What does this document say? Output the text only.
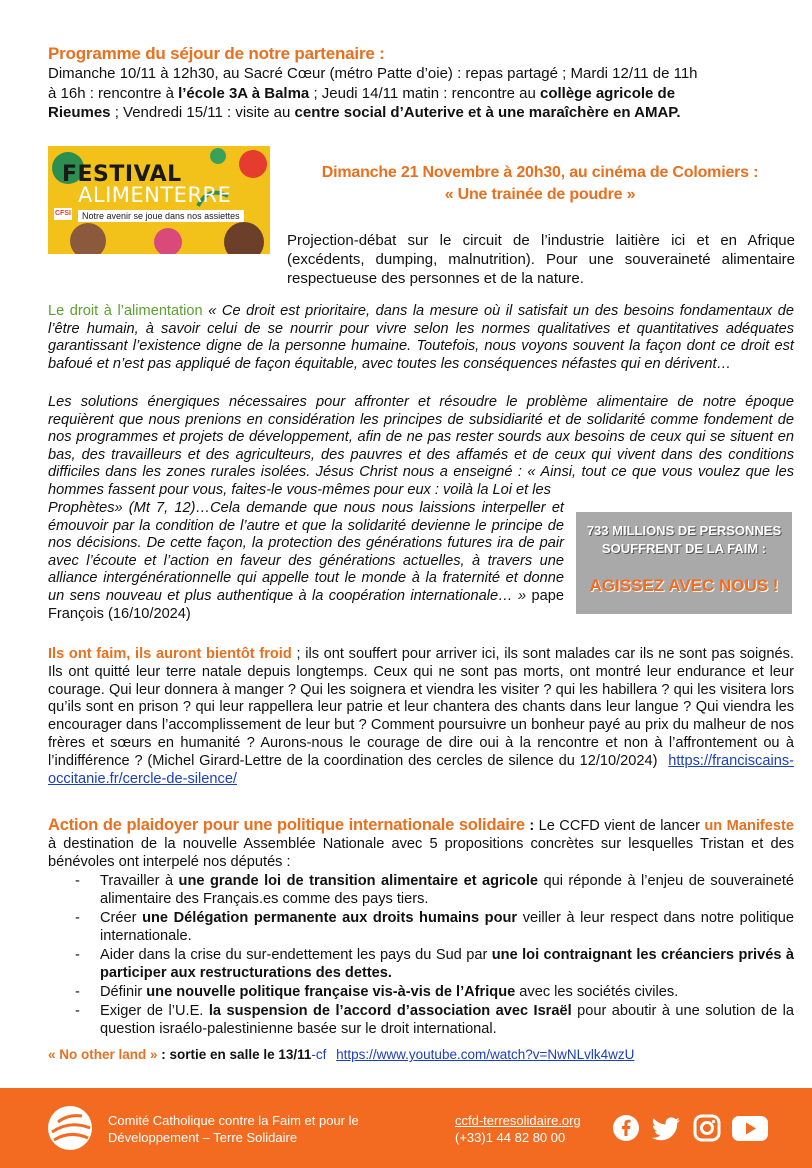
Programme du séjour de notre partenaire :
Dimanche 10/11 à 12h30, au Sacré Cœur (métro Patte d’oie) : repas partagé ; Mardi 12/11 de 11h
à 16h : rencontre à l’école 3A à Balma ; Jeudi 14/11 matin : rencontre au collège agricole de
Rieumes ; Vendredi 15/11 : visite au centre social d’Auterive et à une maraîchère en AMAP.
FESTIVAL
ALIMENTERRE
CFSI	Notre avenir se joue dans nos assiettes
Dimanche 21 Novembre à 20h30, au cinéma de Colomiers :
« Une trainée de poudre »
Projection-débat sur le circuit de l’industrie laitière ici et en Afrique
(excédents, dumping, malnutrition). Pour une souveraineté alimentaire
respectueuse des personnes et de la nature.
Le droit à l’alimentation « Ce droit est prioritaire, dans la mesure où il satisfait un des besoins fondamentaux de l’être humain, à savoir celui de se nourrir pour vivre selon les normes qualitatives et quantitatives adéquates garantissant l’existence digne de la personne humaine. Toutefois, nous voyons souvent la façon dont ce droit est bafoué et n’est pas appliqué de façon équitable, avec toutes les conséquences néfastes qui en dérivent…
Les solutions énergiques nécessaires pour affronter et résoudre le problème alimentaire de notre époque requièrent que nous prenions en considération les principes de subsidiarité et de solidarité comme fondement de nos programmes et projets de développement, afin de ne pas rester sourds aux besoins de ceux qui se situent en bas, des travailleurs et des agriculteurs, des pauvres et des affamés et de ceux qui vivent dans des conditions difficiles dans les zones rurales isolées. Jésus Christ nous a enseigné : « Ainsi, tout ce que vous voulez que les hommes fassent pour vous, faites-le vous-mêmes pour eux : voilà la Loi et les
Prophètes» (Mt 7, 12)…Cela demande que nous nous laissions interpeller et émouvoir par la condition de l’autre et que la solidarité devienne le principe de nos décisions. De cette façon, la protection des générations futures ira de pair avec l’écoute et l’action en faveur des générations actuelles, à travers une alliance intergénérationnelle qui appelle tout le monde à la fraternité et donne un sens nouveau et plus authentique à la coopération internationale… » pape François (16/10/2024)
733 MILLIONS DE PERSONNES
SOUFFRENT DE LA FAIM :
AGISSEZ AVEC NOUS !
Ils ont faim, ils auront bientôt froid ; ils ont souffert pour arriver ici, ils sont malades car ils ne sont pas soignés. Ils ont quitté leur terre natale depuis longtemps. Ceux qui ne sont pas morts, ont montré leur endurance et leur courage. Qui leur donnera à manger ? Qui les soignera et viendra les visiter ? qui les habillera ? qui les visitera lors qu’ils sont en prison ? qui leur rappellera leur patrie et leur chantera des chants dans leur langue ? Qui viendra les encourager dans l’accomplissement de leur but ? Comment poursuivre un bonheur payé au prix du malheur de nos frères et sœurs en humanité ? Aurons-nous le courage de dire oui à la rencontre et non à l’affrontement ou à l’indifférence ? (Michel Girard-Lettre de la coordination des cercles de silence du 12/10/2024) https://franciscains-occitanie.fr/cercle-de-silence/
Action de plaidoyer pour une politique internationale solidaire : Le CCFD vient de lancer un Manifeste à destination de la nouvelle Assemblée Nationale avec 5 propositions concrètes sur lesquelles Tristan et des bénévoles ont interpelé nos députés :
- Travailler à une grande loi de transition alimentaire et agricole qui réponde à l’enjeu de souveraineté alimentaire des Français.es comme des pays tiers.
- Créer une Délégation permanente aux droits humains pour veiller à leur respect dans notre politique internationale.
- Aider dans la crise du sur-endettement les pays du Sud par une loi contraignant les créanciers privés à participer aux restructurations des dettes.
- Définir une nouvelle politique française vis-à-vis de l’Afrique avec les sociétés civiles.
- Exiger de l’U.E. la suspension de l’accord d’association avec Israël pour aboutir à une solution de la question israélo-palestinienne basée sur le droit international.
« No other land » : sortie en salle le 13/11-cf https://www.youtube.com/watch?v=NwNLvlk4wzU
Comité Catholique contre la Faim et pour le
Développement – Terre Solidaire
ccfd-terresolidaire.org
(+33)1 44 82 80 00
